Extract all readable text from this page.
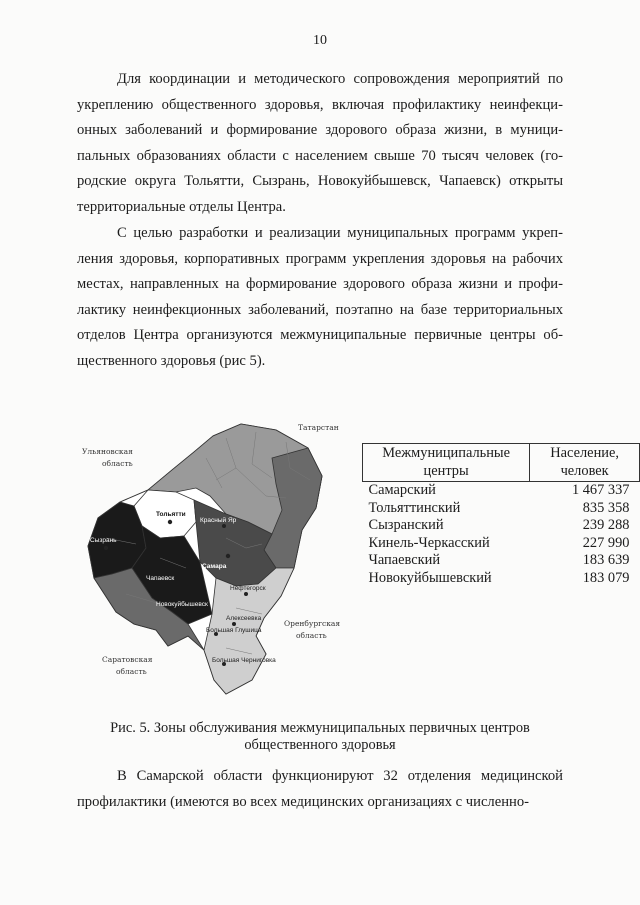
10

Для координации и методического сопровождения мероприятий по укреплению общественного здоровья, включая профилактику неинфекционных заболеваний и формирование здорового образа жизни, в муниципальных образованиях области с населением свыше 70 тысяч человек (городские округа Тольятти, Сызрань, Новокуйбышевск, Чапаевск) открыты территориальные отделы Центра.

С целью разработки и реализации муниципальных программ укрепления здоровья, корпоративных программ укрепления здоровья на рабочих местах, направленных на формирование здорового образа жизни и профилактику неинфекционных заболеваний, поэтапно на базе территориальных отделов Центра организуются межмуниципальные первичные центры общественного здоровья (рис 5).

Татарстан
Ульяновская
область
Саратовская
область
Оренбургская
область
Тольятти
Самара
Сызрань
Красный Яр
Нефтегорск
Алексеевка
Большая Глушица
Большая Черниговка
Чапаевск
Новокуйбышевск
Межмуниципальные центры	Население, человек
Самарский	1 467 337
Тольяттинский	835 358
Сызранский	239 288
Кинель-Черкасский	227 990
Чапаевский	183 639
Новокуйбышевский	183 079
Рис. 5. Зоны обслуживания межмуниципальных первичных центров
общественного здоровья

В Самарской области функционируют 32 отделения медицинской профилактики (имеются во всех медицинских организациях с численно-
